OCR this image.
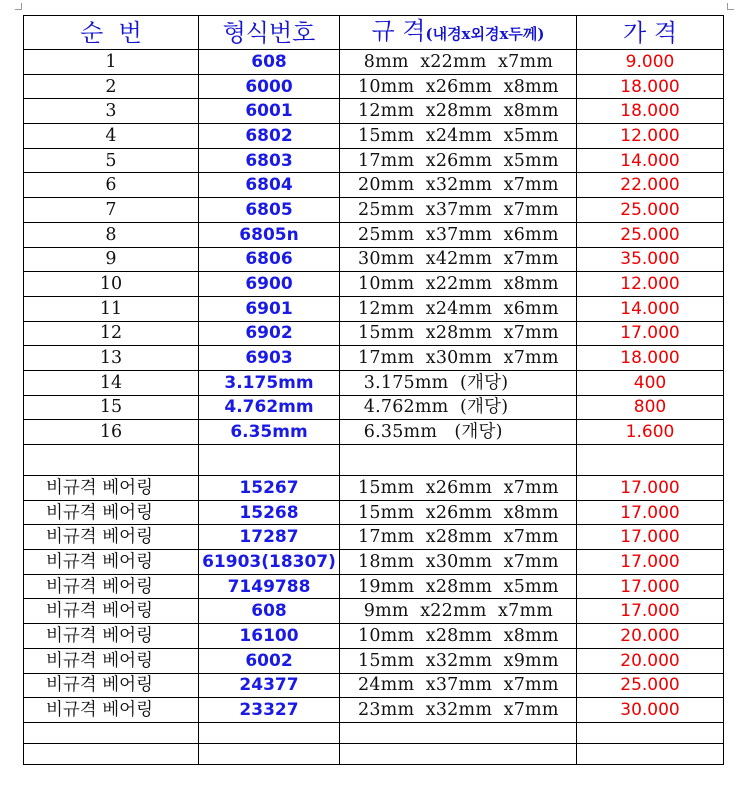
순  번	형식번호	규 격(내경x외경x두께)	가 격
1	608	8mm  x22mm  x7mm	9.000
2	6000	10mm  x26mm  x8mm	18.000
3	6001	12mm  x28mm  x8mm	18.000
4	6802	15mm  x24mm  x5mm	12.000
5	6803	17mm  x26mm  x5mm	14.000
6	6804	20mm  x32mm  x7mm	22.000
7	6805	25mm  x37mm  x7mm	25.000
8	6805n	25mm  x37mm  x6mm	25.000
9	6806	30mm  x42mm  x7mm	35.000
10	6900	10mm  x22mm  x8mm	12.000
11	6901	12mm  x24mm  x6mm	14.000
12	6902	15mm  x28mm  x7mm	17.000
13	6903	17mm  x30mm  x7mm	18.000
14	3.175mm	3.175mm  (개당)	400
15	4.762mm	4.762mm  (개당)	800
16	6.35mm	6.35mm   (개당)	1.600

비규격 베어링	15267	15mm  x26mm  x7mm	17.000
비규격 베어링	15268	15mm  x26mm  x8mm	17.000
비규격 베어링	17287	17mm  x28mm  x7mm	17.000
비규격 베어링	61903(18307)	18mm  x30mm  x7mm	17.000
비규격 베어링	7149788	19mm  x28mm  x5mm	17.000
비규격 베어링	608	9mm  x22mm  x7mm	17.000
비규격 베어링	16100	10mm  x28mm  x8mm	20.000
비규격 베어링	6002	15mm  x32mm  x9mm	20.000
비규격 베어링	24377	24mm  x37mm  x7mm	25.000
비규격 베어링	23327	23mm  x32mm  x7mm	30.000
